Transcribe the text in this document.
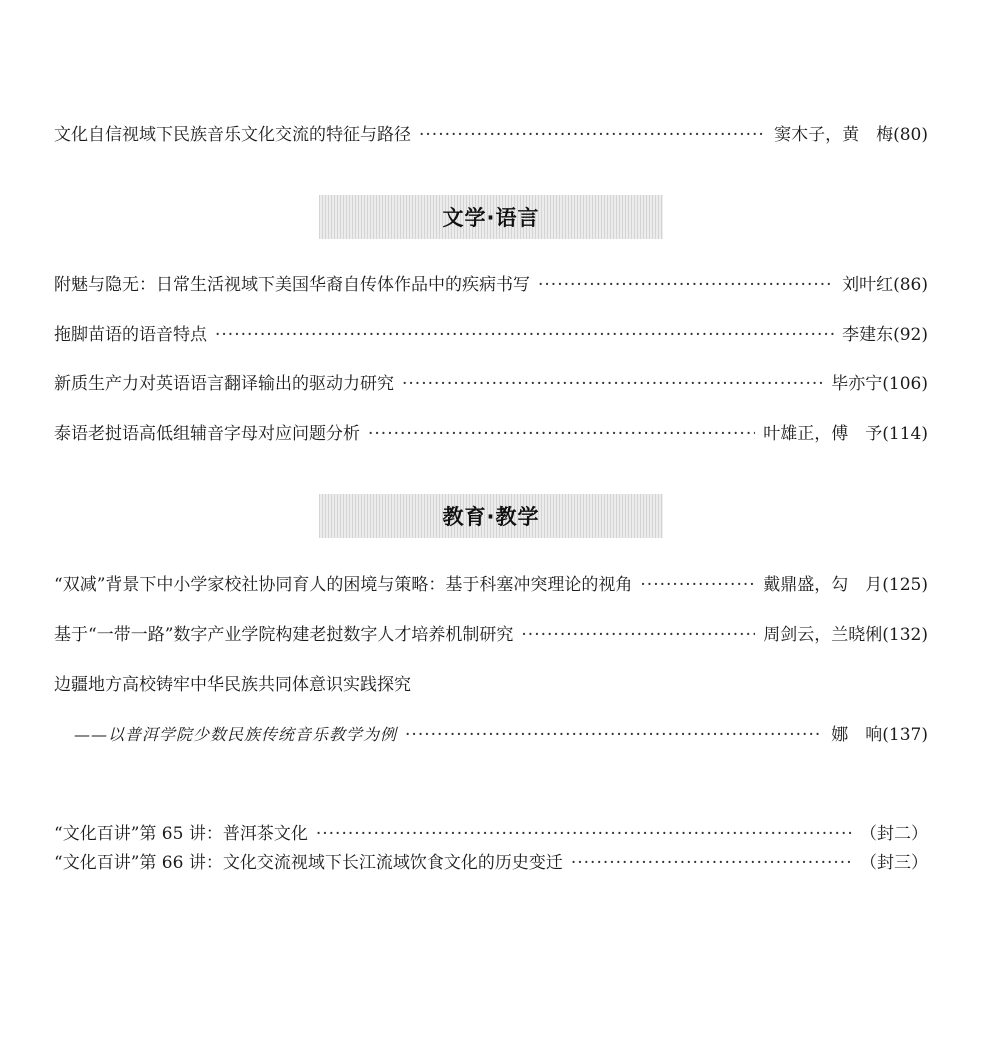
文化自信视域下民族音乐文化交流的特征与路径 ·····	窦木子，黄　梅 (80)
文学·语言
附魅与隐无：日常生活视域下美国华裔自传体作品中的疾病书写 ·····	刘叶红 (86)
拖脚苗语的语音特点 ·····	李建东 (92)
新质生产力对英语语言翻译输出的驱动力研究 ·····	毕亦宁 (106)
泰语老挝语高低组辅音字母对应问题分析 ·····	叶雄正，傅　予 (114)
教育·教学
“双减”背景下中小学家校社协同育人的困境与策略：基于科塞冲突理论的视角 ·····	戴鼎盛，勾　月 (125)
基于“一带一路”数字产业学院构建老挝数字人才培养机制研究 ·····	周剑云，兰晓俐 (132)
边疆地方高校铸牢中华民族共同体意识实践探究
——以普洱学院少数民族传统音乐教学为例 ·····	娜　响 (137)
“文化百讲”第 65 讲：普洱茶文化 ·····	（封二）
“文化百讲”第 66 讲：文化交流视域下长江流域饮食文化的历史变迁 ·····	（封三）
